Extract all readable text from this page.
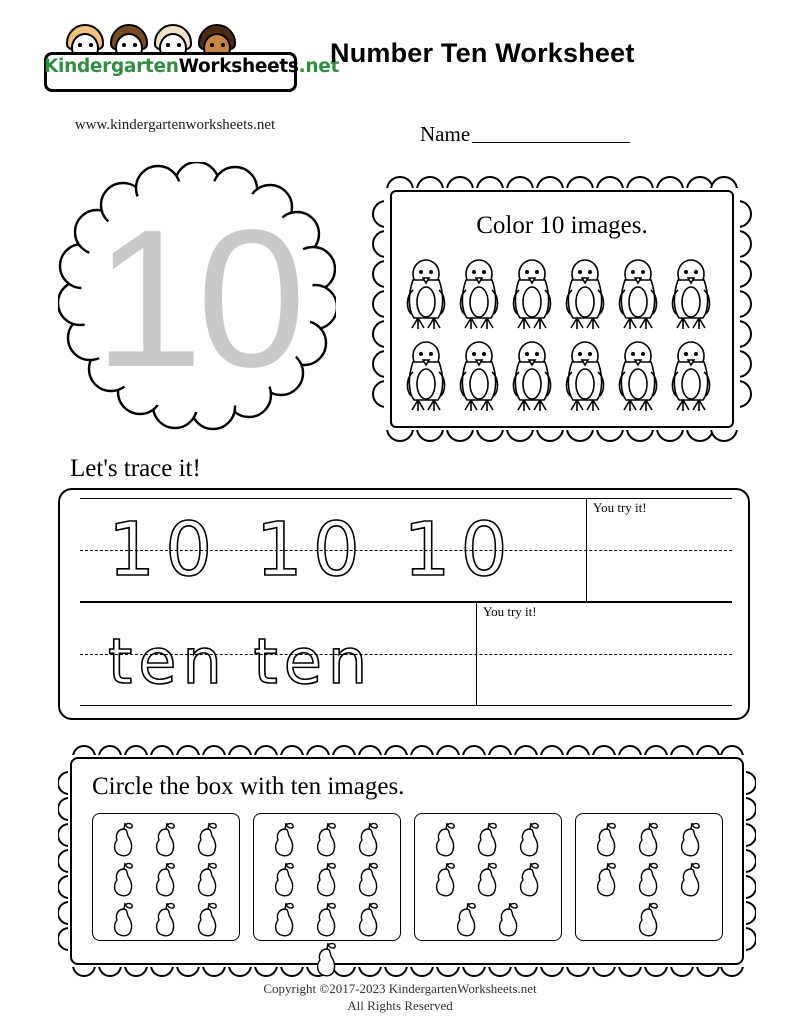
KindergartenWorksheets.net
www.kindergartenworksheets.net
Number Ten Worksheet
Name
10	Color 10 images.
Let's trace it!
10 10 10	You try it!
ten ten
You try it!
Circle the box with ten images.
Copyright ©2017-2023 KindergartenWorksheets.net
All Rights Reserved
